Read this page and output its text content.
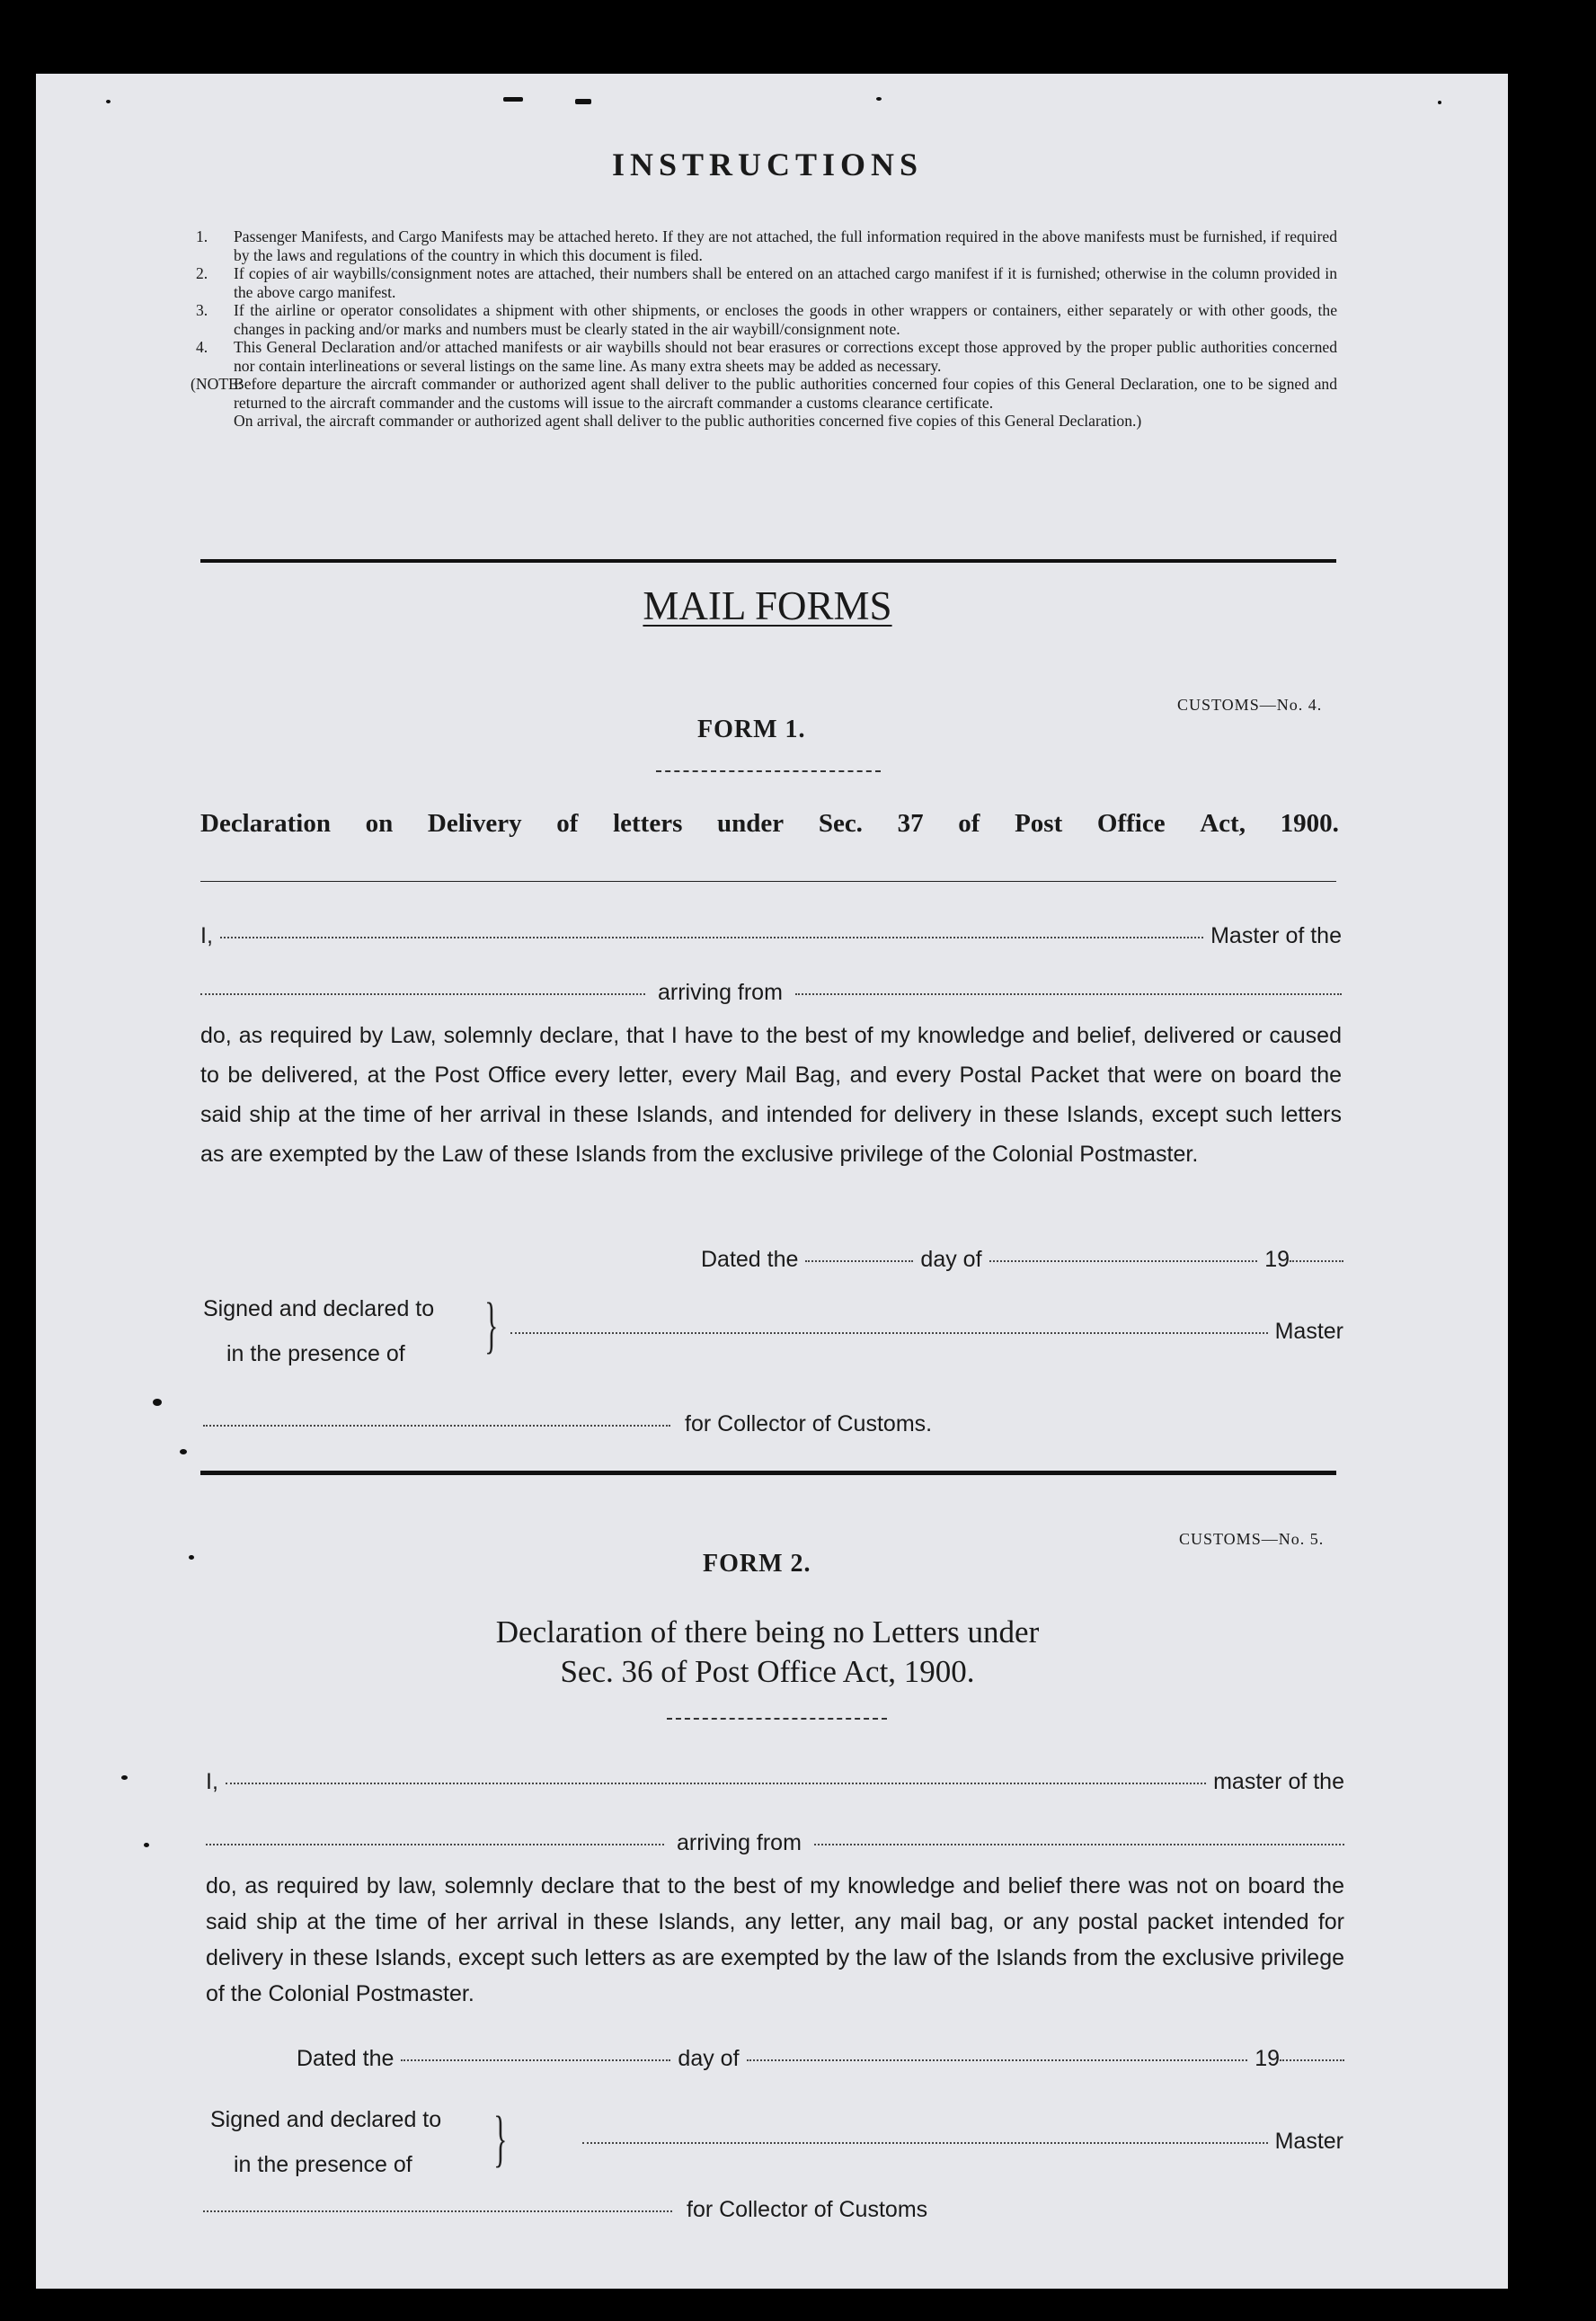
INSTRUCTIONS
1.	Passenger Manifests, and Cargo Manifests may be attached hereto. If they are not attached, the full information required in the above manifests must be furnished, if required by the laws and regulations of the country in which this document is filed.
2.	If copies of air waybills/consignment notes are attached, their numbers shall be entered on an attached cargo manifest if it is furnished; otherwise in the column provided in the above cargo manifest.
3.	If the airline or operator consolidates a shipment with other shipments, or encloses the goods in other wrappers or containers, either separately or with other goods, the changes in packing and/or marks and numbers must be clearly stated in the air waybill/consignment note.
4.	This General Declaration and/or attached manifests or air waybills should not bear erasures or corrections except those approved by the proper public authorities concerned nor contain interlineations or several listings on the same line. As many extra sheets may be added as necessary.
(NOTE:
Before departure the aircraft commander or authorized agent shall deliver to the public authorities concerned four copies of this General Declaration, one to be signed and returned to the aircraft commander and the customs will issue to the aircraft commander a customs clearance certificate.
On arrival, the aircraft commander or authorized agent shall deliver to the public authorities concerned five copies of this General Declaration.)
MAIL FORMS
CUSTOMS—No. 4.
FORM 1.
Declaration on Delivery of letters under Sec. 37 of Post Office Act, 1900.
I,	Master of the
arriving from
do, as required by Law, solemnly declare, that I have to the best of my knowledge and belief, delivered or caused to be delivered, at the Post Office every letter, every Mail Bag, and every Postal Packet that were on board the said ship at the time of her arrival in these Islands, and intended for delivery in these Islands, except such letters as are exempted by the Law of these Islands from the exclusive privilege of the Colonial Postmaster.
Dated the	day of	19
Signed and declared to
in the presence of }	Master
for Collector of Customs.
CUSTOMS—No. 5.
FORM 2.
Declaration of there being no Letters under
Sec. 36 of Post Office Act, 1900.
I,	master of the
arriving from
do, as required by law, solemnly declare that to the best of my knowledge and belief there was not on board the said ship at the time of her arrival in these Islands, any letter, any mail bag, or any postal packet intended for delivery in these Islands, except such letters as are exempted by the law of the Islands from the exclusive privilege of the Colonial Postmaster.
Dated the	day of	19
Signed and declared to
in the presence of }	Master
for Collector of Customs
